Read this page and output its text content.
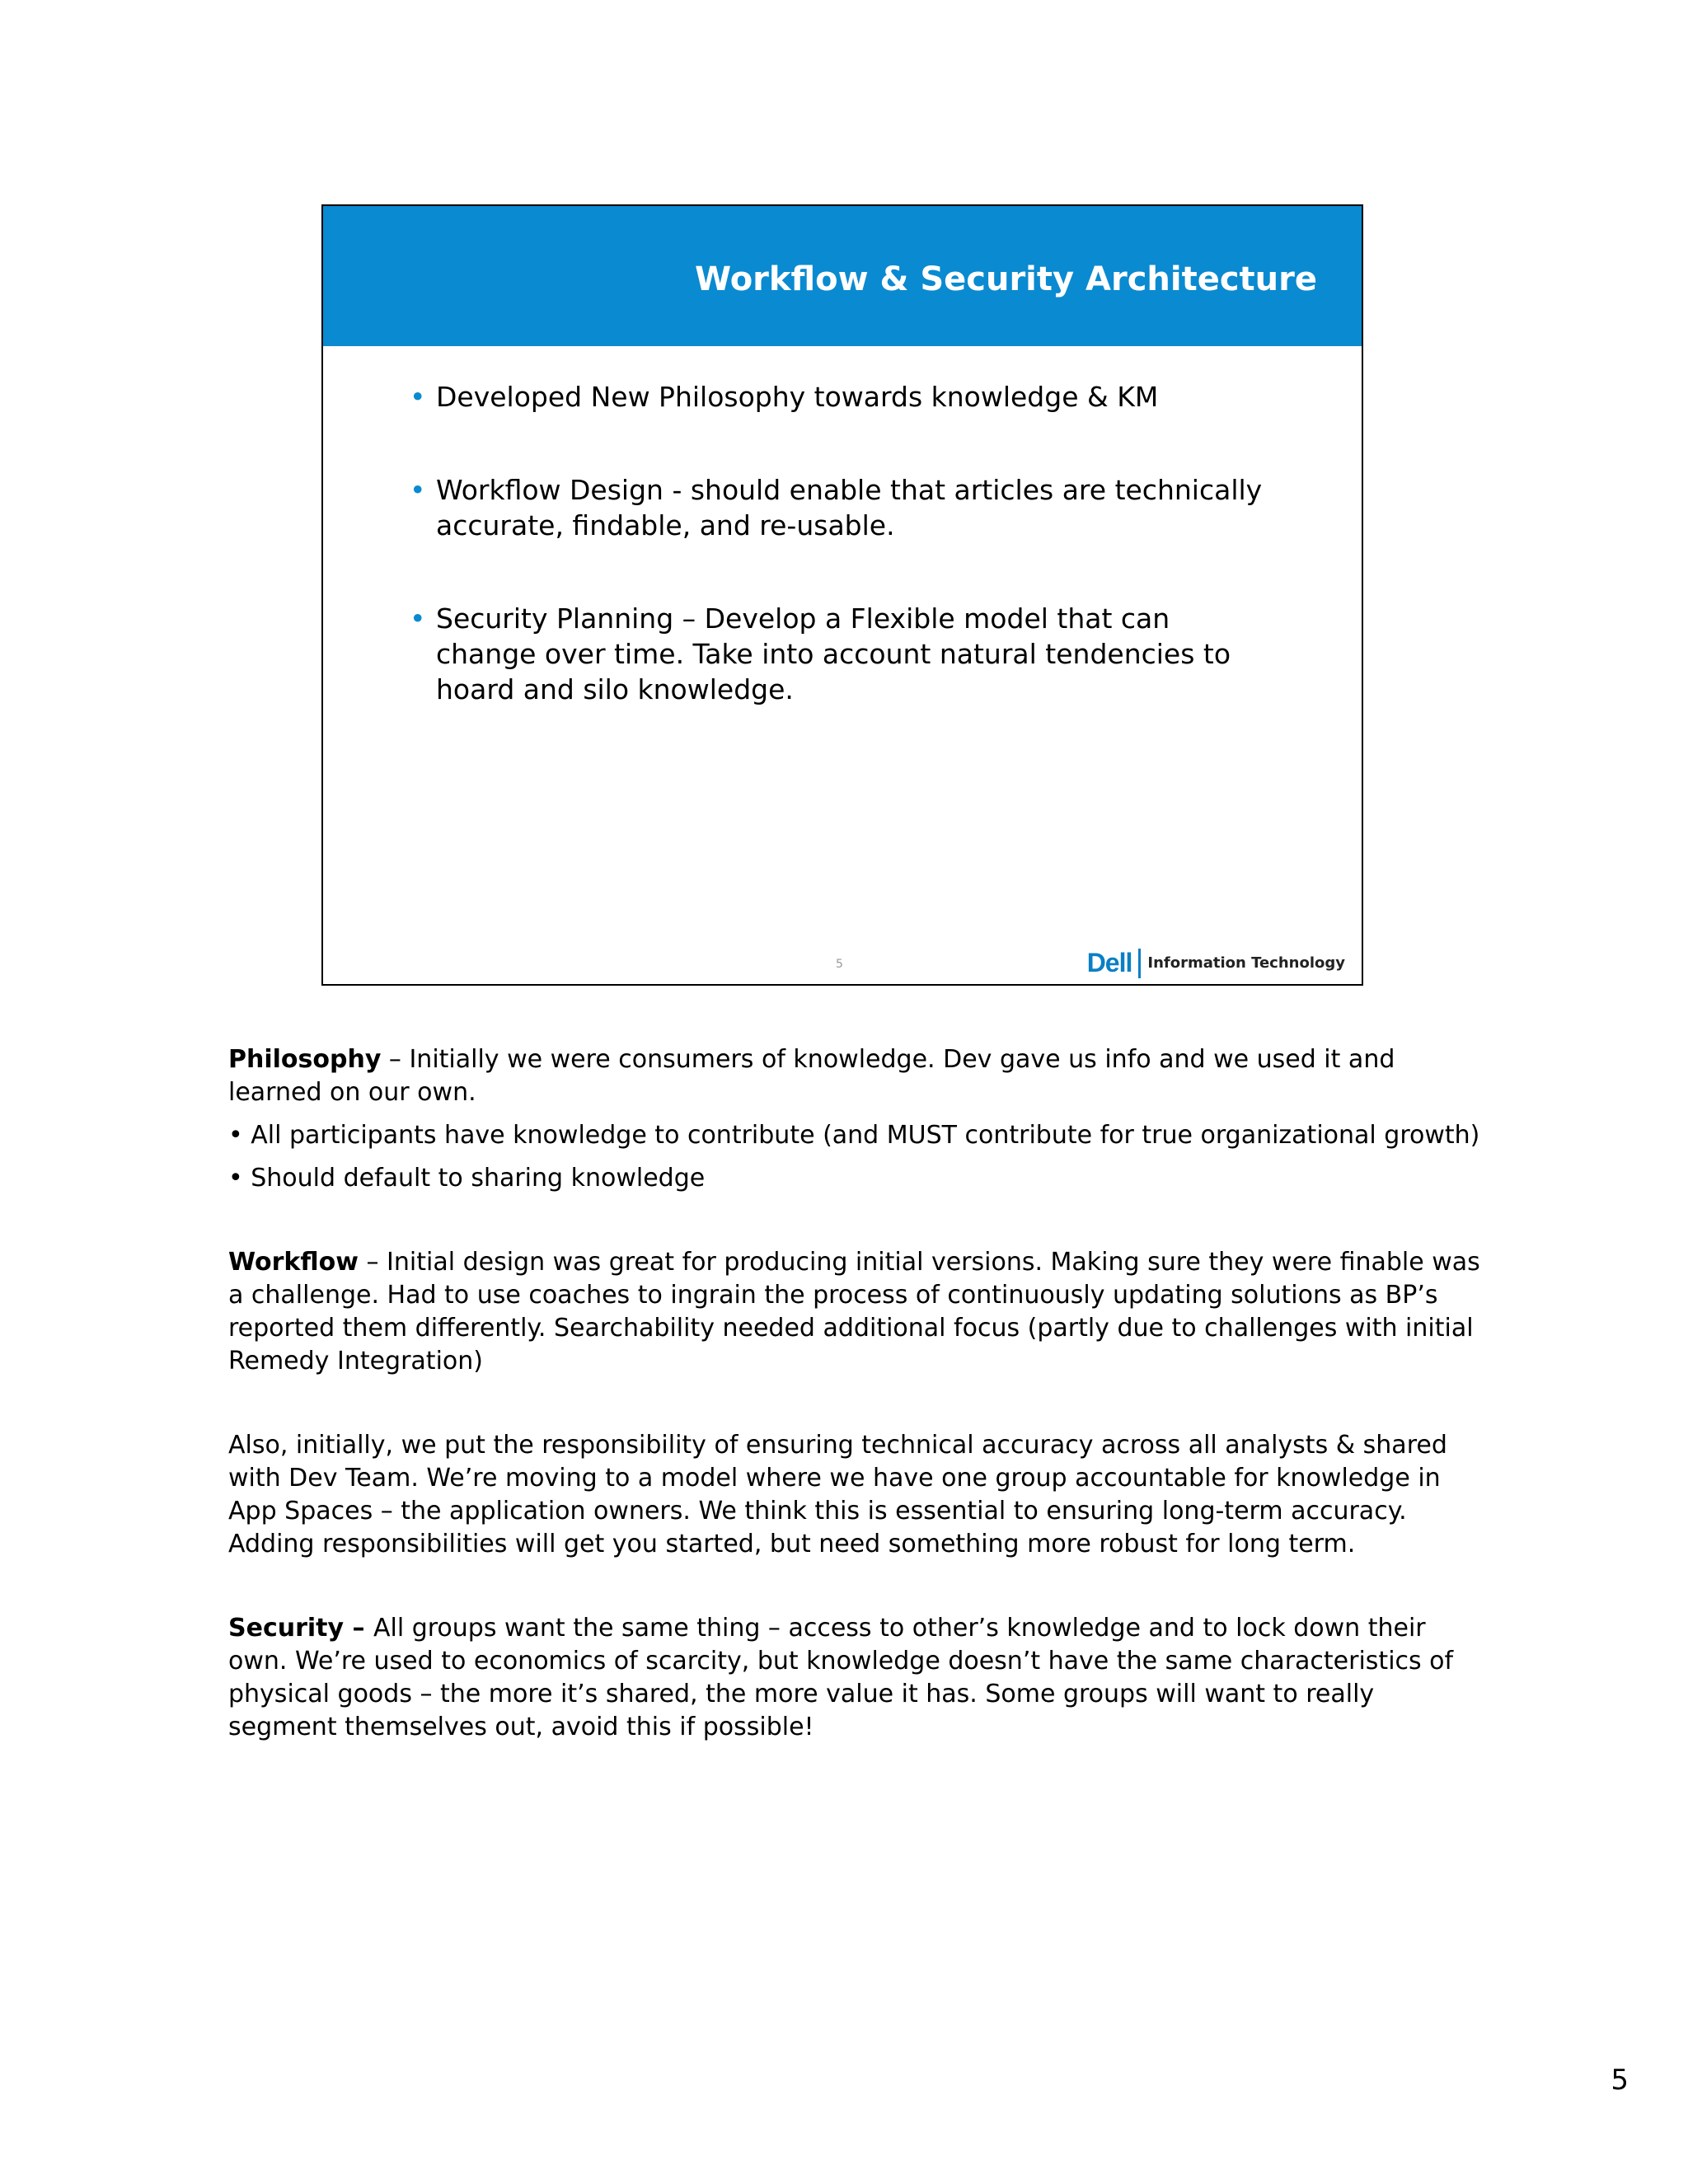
Workflow & Security Architecture
• Developed New Philosophy towards knowledge & KM
• Workflow Design - should enable that articles are technically accurate, findable, and re-usable.
• Security Planning – Develop a Flexible model that can change over time. Take into account natural tendencies to hoard and silo knowledge.
5	Dell Information Technology

Philosophy – Initially we were consumers of knowledge. Dev gave us info and we used it and learned on our own.

• All participants have knowledge to contribute (and MUST contribute for true organizational growth)

• Should default to sharing knowledge

Workflow – Initial design was great for producing initial versions. Making sure they were finable was a challenge. Had to use coaches to ingrain the process of continuously updating solutions as BP’s reported them differently. Searchability needed additional focus (partly due to challenges with initial Remedy Integration)

Also, initially, we put the responsibility of ensuring technical accuracy across all analysts & shared with Dev Team. We’re moving to a model where we have one group accountable for knowledge in App Spaces – the application owners. We think this is essential to ensuring long-term accuracy. Adding responsibilities will get you started, but need something more robust for long term.

Security – All groups want the same thing – access to other’s knowledge and to lock down their own. We’re used to economics of scarcity, but knowledge doesn’t have the same characteristics of physical goods – the more it’s shared, the more value it has. Some groups will want to really segment themselves out, avoid this if possible!

5
